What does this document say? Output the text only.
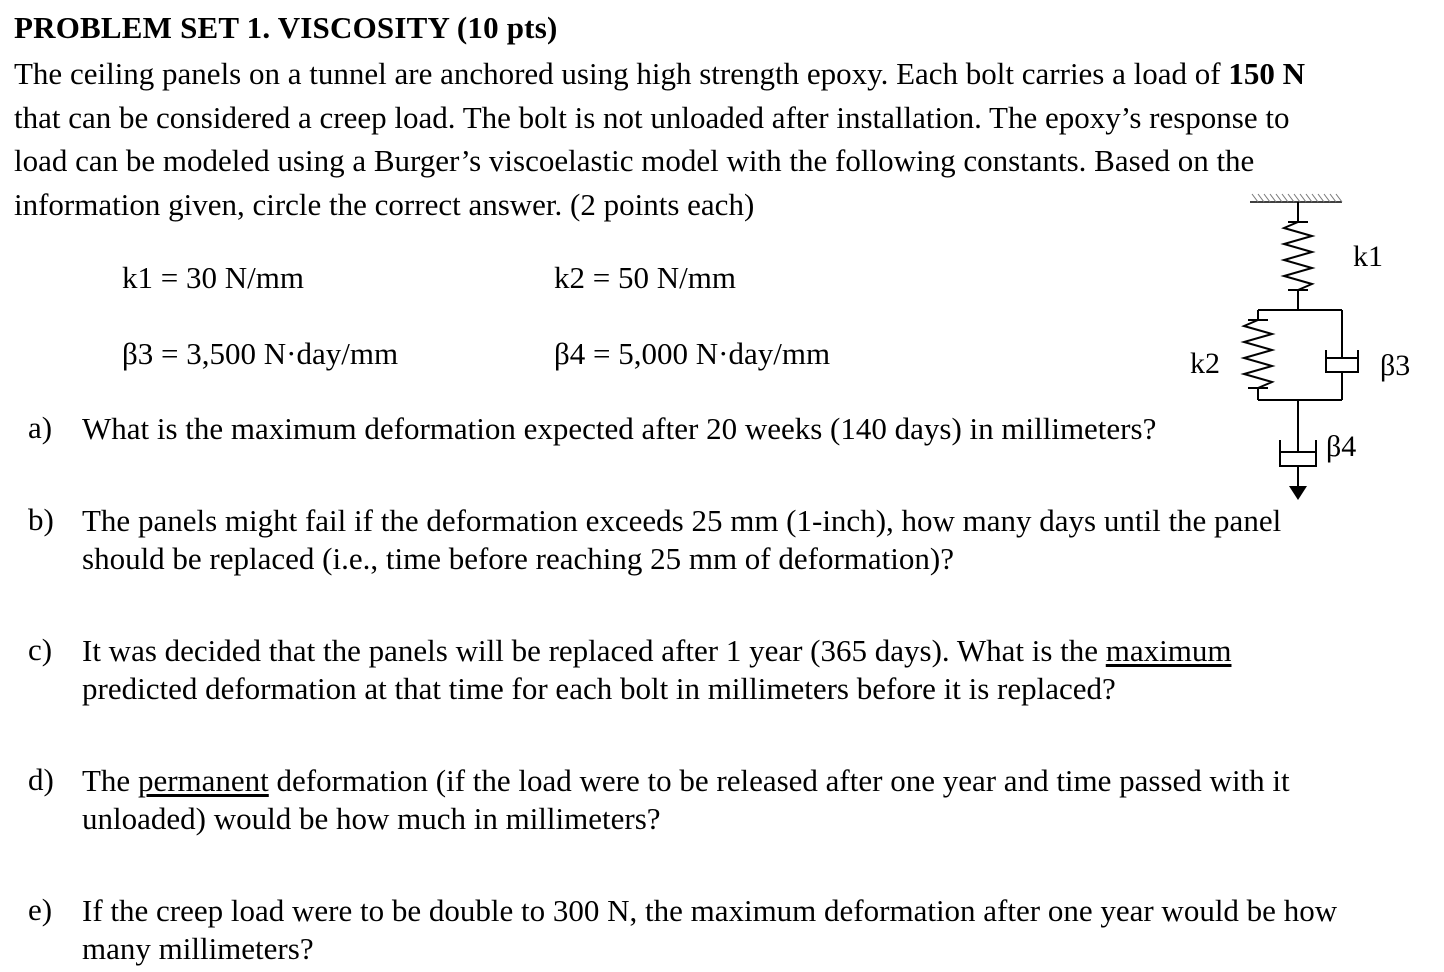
PROBLEM SET 1. VISCOSITY (10 pts)
The ceiling panels on a tunnel are anchored using high strength epoxy. Each bolt carries a load of 150 N
that can be considered a creep load. The bolt is not unloaded after installation. The epoxy’s response to
load can be modeled using a Burger’s viscoelastic model with the following constants. Based on the
information given, circle the correct answer. (2 points each)
k1 = 30 N/mm	k2 = 50 N/mm
β3 = 3,500 N·day/mm	β4 = 5,000 N·day/mm
k1
k2	β3
β4
a) What is the maximum deformation expected after 20 weeks (140 days) in millimeters?
b) The panels might fail if the deformation exceeds 25 mm (1-inch), how many days until the panel
should be replaced (i.e., time before reaching 25 mm of deformation)?
c) It was decided that the panels will be replaced after 1 year (365 days). What is the maximum
predicted deformation at that time for each bolt in millimeters before it is replaced?
d) The permanent deformation (if the load were to be released after one year and time passed with it
unloaded) would be how much in millimeters?
e) If the creep load were to be double to 300 N, the maximum deformation after one year would be how
many millimeters?
